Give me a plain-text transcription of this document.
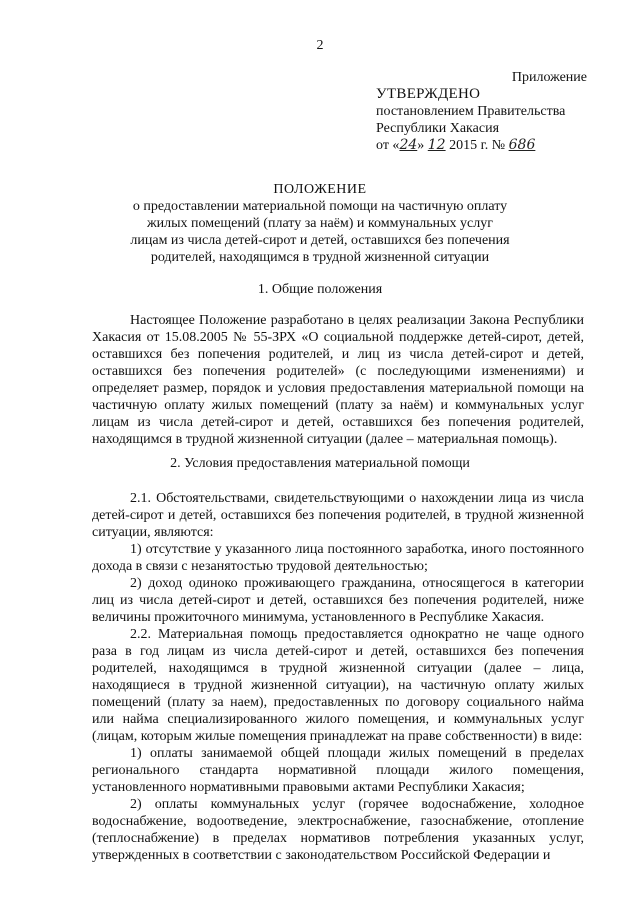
2
Приложение
УТВЕРЖДЕНО
постановлением Правительства
Республики Хакасия
от «24» 12 2015 г. № 686
ПОЛОЖЕНИЕ
о предоставлении материальной помощи на частичную оплату жилых помещений (плату за наём) и коммунальных услуг лицам из числа детей-сирот и детей, оставшихся без попечения родителей, находящимся в трудной жизненной ситуации
1. Общие положения

Настоящее Положение разработано в целях реализации Закона Республики Хакасия от 15.08.2005 № 55-ЗРХ «О социальной поддержке детей-сирот, детей, оставшихся без попечения родителей, и лиц из числа детей-сирот и детей, оставшихся без попечения родителей» (с последующими изменениями) и определяет размер, порядок и условия предоставления материальной помощи на частичную оплату жилых помещений (плату за наём) и коммунальных услуг лицам из числа детей-сирот и детей, оставшихся без попечения родителей, находящимся в трудной жизненной ситуации (далее – материальная помощь).

2. Условия предоставления материальной помощи

2.1. Обстоятельствами, свидетельствующими о нахождении лица из числа детей-сирот и детей, оставшихся без попечения родителей, в трудной жизненной ситуации, являются:

1) отсутствие у указанного лица постоянного заработка, иного постоянного дохода в связи с незанятостью трудовой деятельностью;

2) доход одиноко проживающего гражданина, относящегося в категории лиц из числа детей-сирот и детей, оставшихся без попечения родителей, ниже величины прожиточного минимума, установленного в Республике Хакасия.

2.2. Материальная помощь предоставляется однократно не чаще одного раза в год лицам из числа детей-сирот и детей, оставшихся без попечения родителей, находящимся в трудной жизненной ситуации (далее – лица, находящиеся в трудной жизненной ситуации), на частичную оплату жилых помещений (плату за наем), предоставленных по договору социального найма или найма специализированного жилого помещения, и коммунальных услуг (лицам, которым жилые помещения принадлежат на праве собственности) в виде:

1) оплаты занимаемой общей площади жилых помещений в пределах регионального стандарта нормативной площади жилого помещения, установленного нормативными правовыми актами Республики Хакасия;

2) оплаты коммунальных услуг (горячее водоснабжение, холодное водоснабжение, водоотведение, электроснабжение, газоснабжение, отопление (теплоснабжение) в пределах нормативов потребления указанных услуг, утвержденных в соответствии с законодательством Российской Федерации и
